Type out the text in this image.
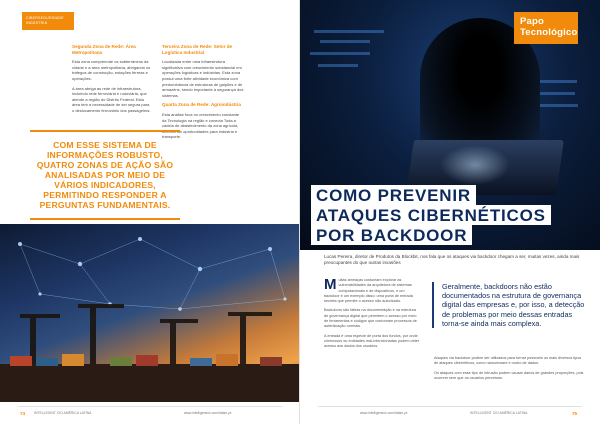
CIBERSEGURIDADE INDÚSTRIA
Segunda Zona de Rede: Área Metropolitana

Esta zona compreende os subterrâneos da cidade e a área metropolitana, abrigando os tráfegos de construção, estações férreas e operações.

A área abriga as rede de infraestrutura, incluindo rede ferroviária e rodoviária, que atende a região do Distrito Federal. Esta área tem a necessidade de ser segura para o deslocamento ferroviário dos passageiros.

Terceira Zona de Rede: Setor de Logística Industrial

Localizada entre uma infraestrutura significativa com crescimento substancial em operações logísticas e indústrias. Esta zona possui uma forte atividade econômica com predominância de estruturas de galpões e de armazéns, sendo importante à segurança dos sistemas.

Quarta Zona de Rede: Agroindústria

Esta análise foca no crescimento constante da Tecnologia na região e conecta Toda a cadeia de abastecimento da zona agrícola, oferecendo oportunidades para indústria e transporte.

COM ESSE SISTEMA DE INFORMAÇÕES ROBUSTO, QUATRO ZONAS DE AÇÃO SÃO ANALISADAS POR MEIO DE VÁRIOS INDICADORES, PERMITINDO RESPONDER A PERGUNTAS FUNDAMENTAIS.
74	INTELLIGENT CIO AMÉRICA LATINA	www.intelligentcio.com/latam-pt
Papo Tecnológico
COMO PREVENIR
ATAQUES CIBERNÉTICOS
POR BACKDOOR
Lucas Pereira, diretor de Produtos da Blockbit, nos fala que os ataques via backdoor chegam a ser, muitas vezes, ainda mais preocupantes do que outras invasões

Muitas ameaças costumam explorar as vulnerabilidades da arquitetura de sistemas computacionais e de dispositivos, e um backdoor é um exemplo disso: uma porta de entrada secreta que permite o acesso não autorizado.

Backdoors são falhas na documentação e na estrutura de governança digital que permitem o acesso por meio de ferramentas e códigos que contornam processos de autenticação normais.

A entrada é uma espécie de porta dos fundos, por onde criminosos ou entidades mal-intencionadas podem obter acesso aos dados dos usuários.

Geralmente, backdoors não estão documentados na estrutura de governança digital das empresas e, por isso, a detecção de problemas por meio dessas entradas torna-se ainda mais complexa.

Ataques via backdoor podem ser utilizados para tornar possíveis os mais diversos tipos de ataques cibernéticos, como ransomware e roubo de dados.

Os ataques com esse tipo de intrusão podem causar danos de grandes proporções, pois ocorrem sem que os usuários percebam.

www.intelligentcio.com/latam-pt	INTELLIGENT CIO AMÉRICA LATINA	75
